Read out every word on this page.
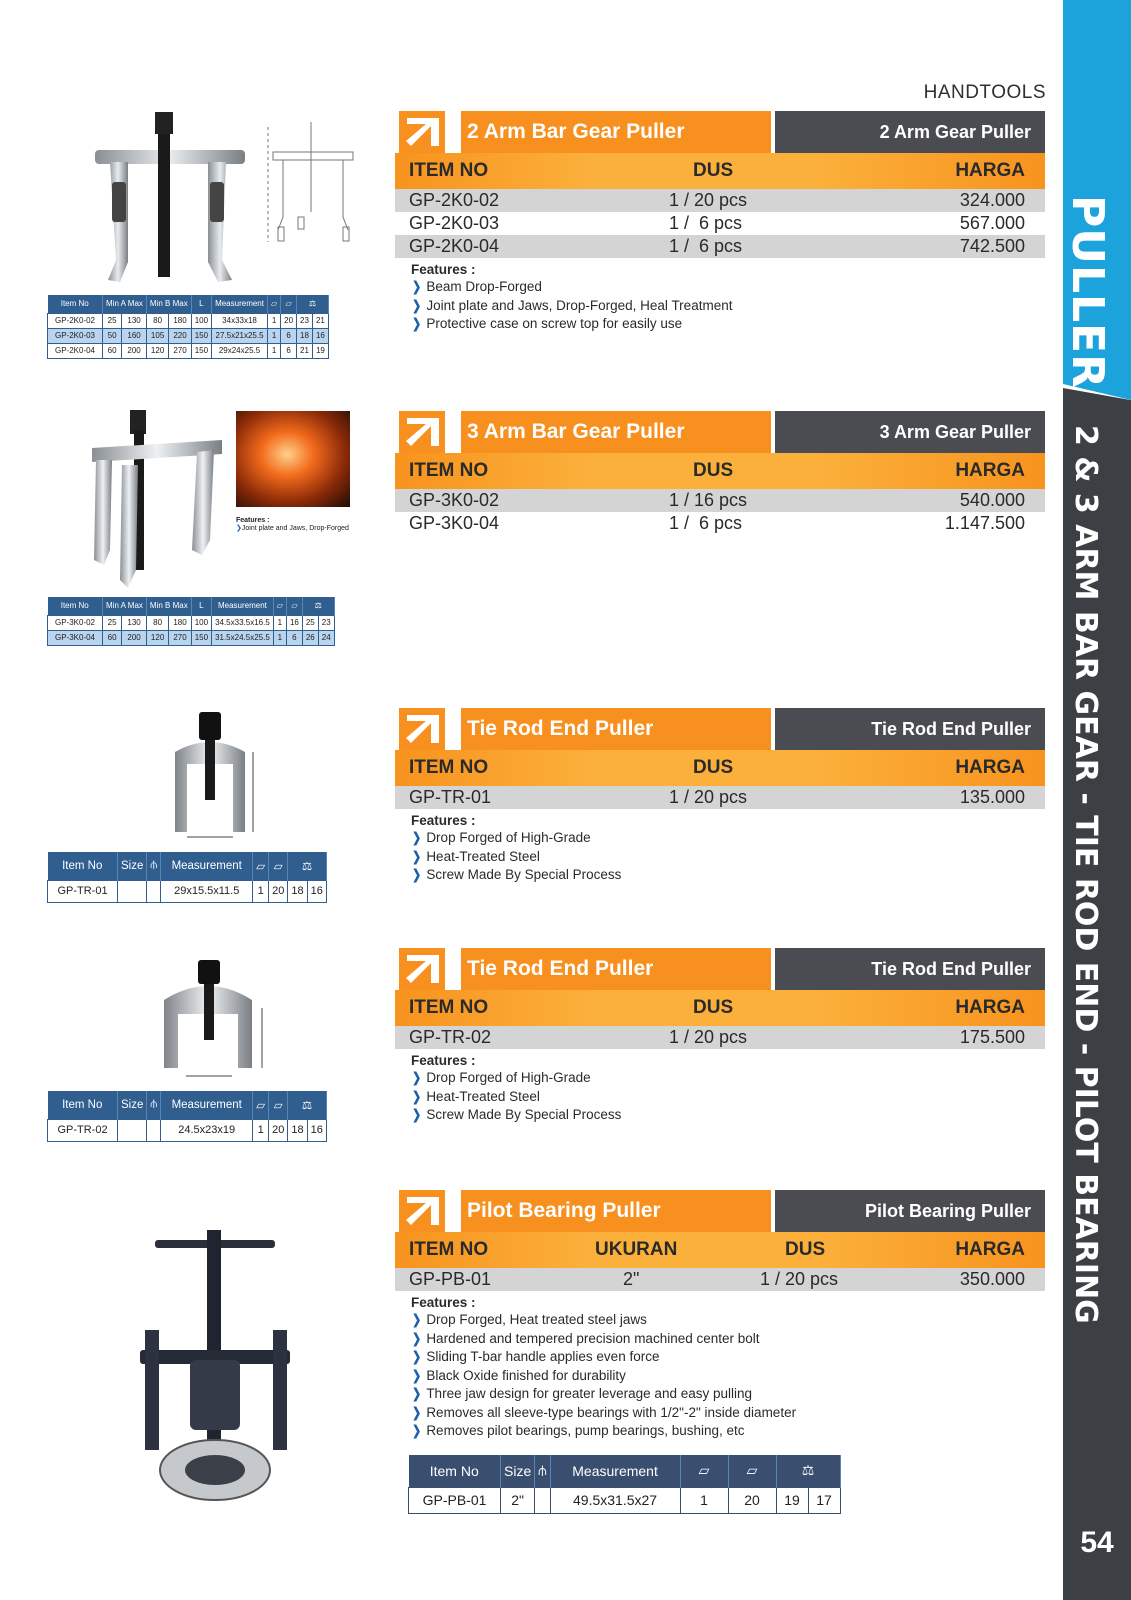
PULLER
2 & 3 ARM BAR GEAR - TIE ROD END - PILOT BEARING
54
HANDTOOLS
2 Arm Bar Gear Puller	2 Arm Gear Puller
ITEM NO	DUS	HARGA
GP-2K0-02	1 / 20 pcs	324.000
GP-2K0-03	1 /  6 pcs	567.000
GP-2K0-04	1 /  6 pcs	742.500
Features :
❯ Beam Drop-Forged
❯ Joint plate and Jaws, Drop-Forged, Heal Treatment
❯ Protective case on screw top for easily use
Item No	Min A Max		Min B Max		L	Measurement	▱	▱	⚖	
GP-2K0-02	25	130	80	180	100	34x33x18	1	20	23	21
GP-2K0-03	50	160	105	220	150	27.5x21x25.5	1	6	18	16
GP-2K0-04	60	200	120	270	150	29x24x25.5	1	6	21	19
3 Arm Bar Gear Puller	3 Arm Gear Puller
ITEM NO	DUS	HARGA
GP-3K0-02	1 / 16 pcs	540.000
GP-3K0-04	1 /  6 pcs	1.147.500
Features :
❯Joint plate and Jaws, Drop-Forged
Item No	Min A Max		Min B Max		L	Measurement	▱	▱	⚖	
GP-3K0-02	25	130	80	180	100	34.5x33.5x16.5	1	16	25	23
GP-3K0-04	60	200	120	270	150	31.5x24.5x25.5	1	6	26	24
Tie Rod End Puller	Tie Rod End Puller
ITEM NO	DUS	HARGA
GP-TR-01	1 / 20 pcs	135.000
Features :
❯ Drop Forged of High-Grade
❯ Heat-Treated Steel
❯ Screw Made By Special Process
Item No	Size	⫛	Measurement	▱	▱	⚖	
GP-TR-01			29x15.5x11.5	1	20	18	16
Tie Rod End Puller	Tie Rod End Puller
ITEM NO	DUS	HARGA
GP-TR-02	1 / 20 pcs	175.500
Features :
❯ Drop Forged of High-Grade
❯ Heat-Treated Steel
❯ Screw Made By Special Process
Item No	Size	⫛	Measurement	▱	▱	⚖	
GP-TR-02			24.5x23x19	1	20	18	16
Pilot Bearing Puller	Pilot Bearing Puller
ITEM NO	UKURAN	DUS	HARGA
GP-PB-01	2"	1 / 20 pcs	350.000
Features :
❯ Drop Forged, Heat treated steel jaws
❯ Hardened and tempered precision machined center bolt
❯ Sliding T-bar handle applies even force
❯ Black Oxide finished for durability
❯ Three jaw design for greater leverage and easy pulling
❯ Removes all sleeve-type bearings with 1/2"-2" inside diameter
❯ Removes pilot bearings, pump bearings, bushing, etc
Item No	Size	⫛	Measurement	▱	▱	⚖	
GP-PB-01	2"		49.5x31.5x27	1	20	19	17
